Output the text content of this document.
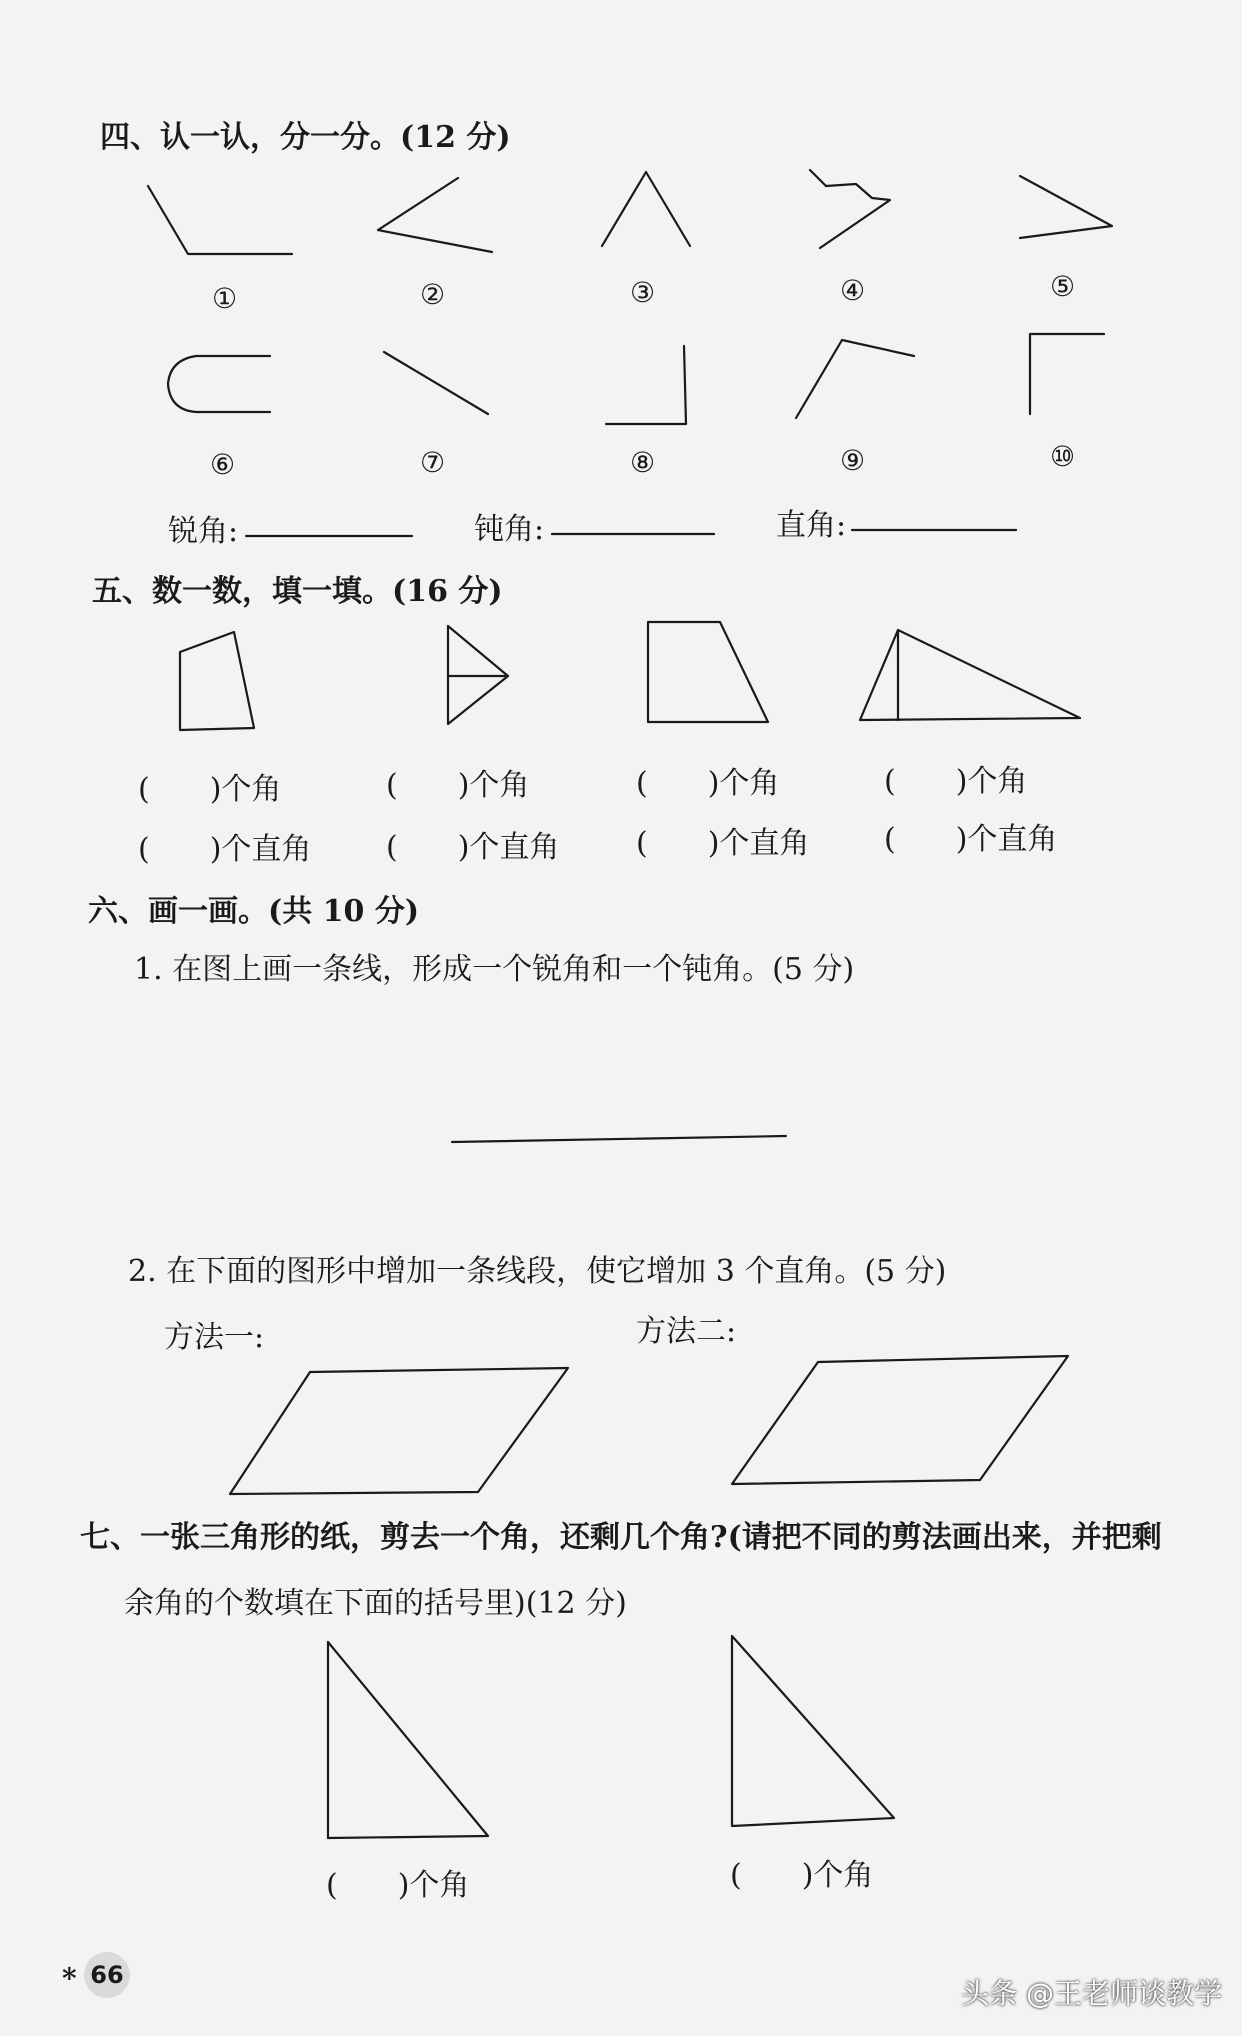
四、认一认，分一分。(12 分)
①	②	③	④	⑤
⑥	⑦	⑧	⑨	⑩
锐角:	钝角:	直角:
五、数一数，填一填。(16 分)
(　　)个角	(　　)个角	(　　)个角	(　　)个角
(　　)个直角 (　　)个直角	(　　)个直角 (　　)个直角
六、画一画。(共 10 分)
1. 在图上画一条线，形成一个锐角和一个钝角。(5 分)
2. 在下面的图形中增加一条线段，使它增加 3 个直角。(5 分)
方法一:	方法二:
七、一张三角形的纸，剪去一个角，还剩几个角?(请把不同的剪法画出来，并把剩
余角的个数填在下面的括号里)(12 分)
(　　)个角	(　　)个角
* 66
头条 @王老师谈教学
